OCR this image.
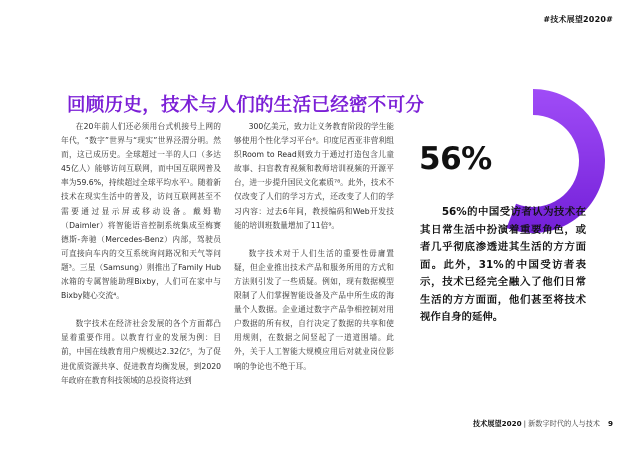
#技术展望2020#
回顾历史，技术与人们的生活已经密不可分

在20年前人们还必须用台式机接号上网的年代，“数字”世界与“现实”世界泾渭分明。然而，这已成历史。全球超过一半的人口（多达45亿人）能够访问互联网，而中国互联网普及率为59.6%，持续超过全球平均水平¹。随着新技术在现实生活中的普及，访问互联网甚至不需要通过显示屏或移动设备。戴姆勒（Daimler）将智能语音控制系统集成至梅赛德斯-奔驰（Mercedes-Benz）内部，驾驶员可直接向车内的交互系统询问路况和天气等问题³。三星（Samsung）则推出了Family Hub冰箱的专属智能助理Bixby，人们可在家中与Bixby随心交流⁴。

数字技术在经济社会发展的各个方面都凸显着重要作用。以教育行业的发展为例：目前，中国在线教育用户规模达2.32亿⁵，为了促进优质资源共享、促进教育均衡发展，到2020年政府在教育科技领域的总投资将达到

300亿美元，致力让义务教育阶段的学生能够使用个性化学习平台⁶。印度尼西亚非营利组织Room to Read则致力于通过打造包含儿童故事、扫盲教育视频和教师培训视频的开源平台，进一步提升国民文化素质⁷⁸。此外，技术不仅改变了人们的学习方式，还改变了人们的学习内容：过去6年间，教授编码和Web开发技能的培训班数量增加了11倍⁹。

数字技术对于人们生活的重要性毋庸置疑，但企业推出技术产品和服务所用的方式和方法则引发了一些质疑。例如，现有数据模型限制了人们掌握智能设备及产品中所生成的海量个人数据。企业通过数字产品争相控制对用户数据的所有权，自行决定了数据的共享和使用规则，在数据之间竖起了一道道围墙。此外，关于人工智能大规模应用后对就业岗位影响的争论也不绝于耳。

56%

56%的中国受访者认为技术在其日常生活中扮演着重要角色，或者几乎彻底渗透进其生活的方方面面。此外，31%的中国受访者表示，技术已经完全融入了他们日常生活的方方面面，他们甚至将技术视作自身的延伸。

技术展望2020 | 新数字时代的人与技术 9
